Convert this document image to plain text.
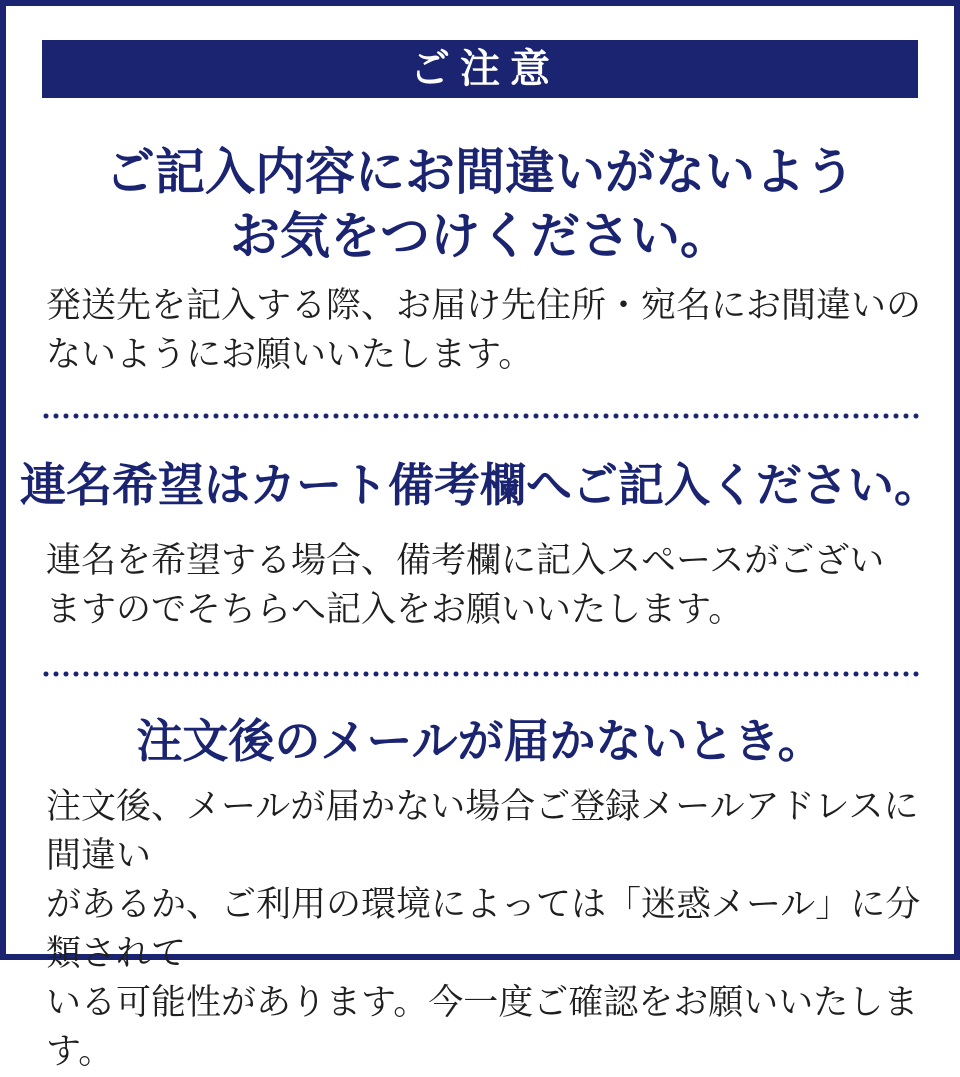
ご注意
ご記入内容にお間違いがないよう
お気をつけください。
発送先を記入する際、お届け先住所・宛名にお間違いの
ないようにお願いいたします。
連名希望はカート備考欄へご記入ください。
連名を希望する場合、備考欄に記入スペースがござい
ますのでそちらへ記入をお願いいたします。
注文後のメールが届かないとき。
注文後、メールが届かない場合ご登録メールアドレスに間違い
があるか、ご利用の環境によっては「迷惑メール」に分類されて
いる可能性があります。今一度ご確認をお願いいたします。
